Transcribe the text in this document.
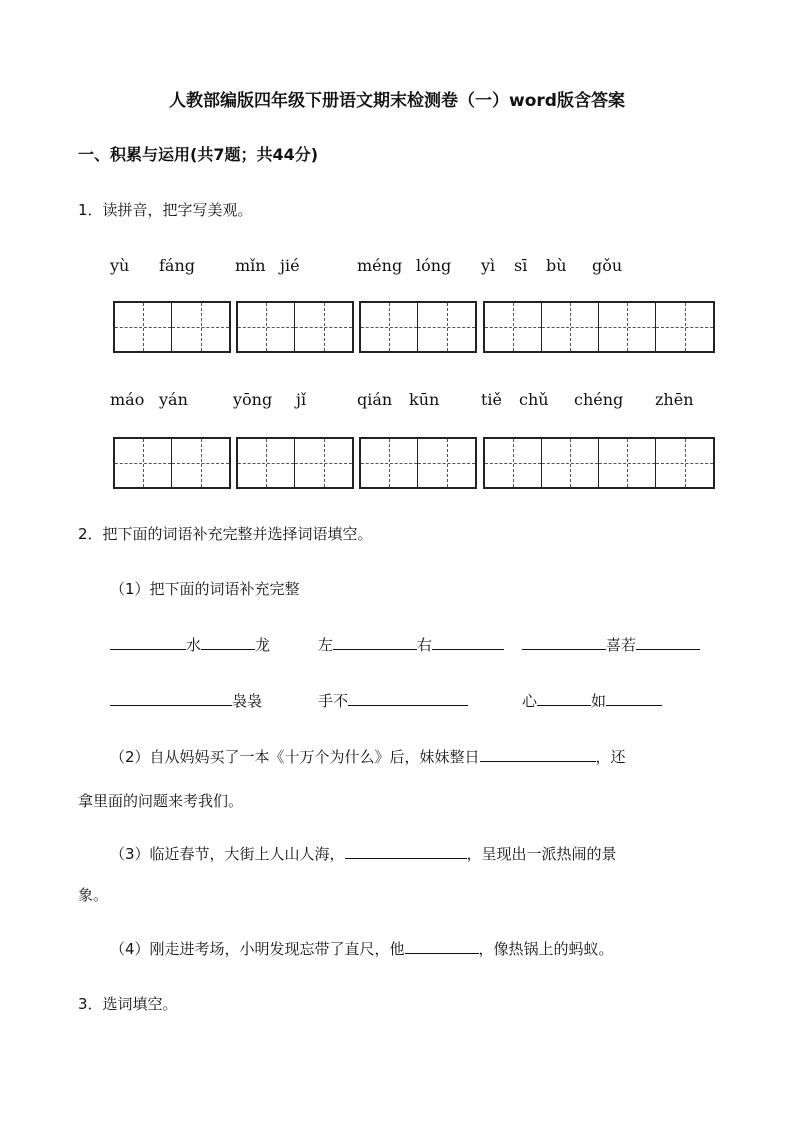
人教部编版四年级下册语文期末检测卷（一）word版含答案
一、积累与运用(共7题；共44分)
1．读拼音，把字写美观。
yù fáng mǐn jié	méng lóng yì sī bù gǒu
máo yán	yōng jǐ	qián kūn	tiě chǔ chéng zhēn
2．把下面的词语补充完整并选择词语填空。
（1）把下面的词语补充完整
水	龙	左	右	喜若
袅袅	手不	心	如
（2）自从妈妈买了一本《十万个为什么》后，妹妹整日	，还
拿里面的问题来考我们。
（3）临近春节，大街上人山人海，	，呈现出一派热闹的景
象。
（4）刚走进考场，小明发现忘带了直尺，他	，像热锅上的蚂蚁。
3．选词填空。
